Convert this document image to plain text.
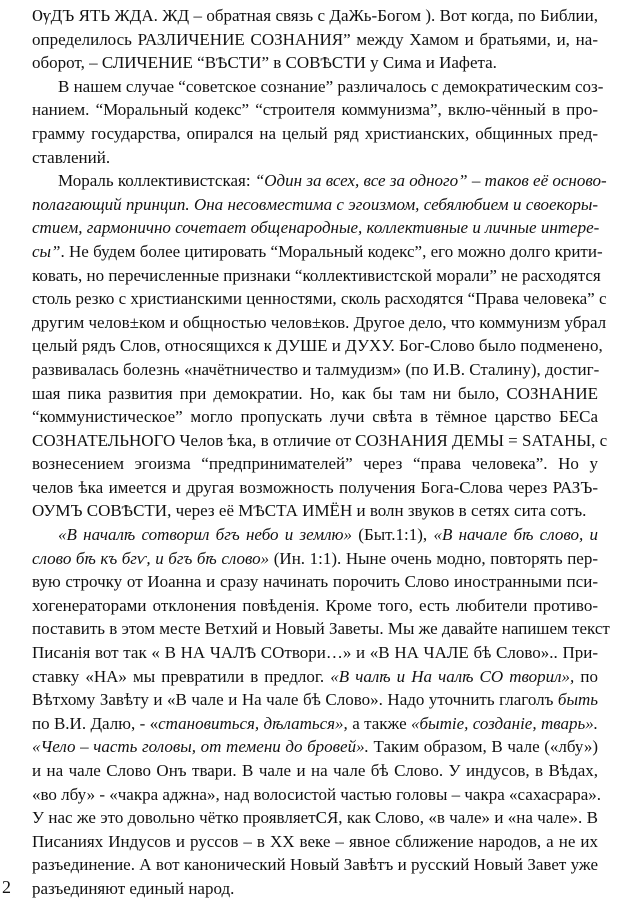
ѸДЪ ЯТЬ ЖДА. ЖД – обратная связь с ДаЖь-Богом ). Вот когда, по Библии,
определилось РАЗЛИЧЕНИЕ СОЗНАНИЯ” между Хамом и братьями, и, на-
оборот, – СЛИЧЕНИЕ “ВѢСТИ” в СОВѢСТИ у Сима и Иафета.
В нашем случае “советское сознание” различалось с демократическим соз-
нанием. “Моральный кодекс” “строителя коммунизма”, вклю-чённый в про-
грамму государства, опирался на целый ряд христианских, общинных пред-
ставлений.
Мораль коллективистская: “Один за всех, все за одного” – таков её осново-
полагающий принцип. Она несовместима с эгоизмом, себялюбием и своекоры-
стием, гармонично сочетает общенародные, коллективные и личные интере-
сы”. Не будем более цитировать “Моральный кодекс”, его можно долго крити-
ковать, но перечисленные признаки “коллективистской морали” не расходятся
столь резко с христианскими ценностями, сколь расходятся “Права человека” с
другим челов±ком и общностью челов±ков. Другое дело, что коммунизм убрал
целый рядъ Слов, относящихся к ДУШЕ и ДУХУ. Бог-Слово было подменено,
развивалась болезнь «начётничество и талмудизм» (по И.В. Сталину), достиг-
шая пика развития при демократии. Но, как бы там ни было, СОЗНАНИЕ
“коммунистическое” могло пропускать лучи свѣта в тёмное царство БЕСа
СОЗНАТЕЛЬНОГО Челов ѣка, в отличие от СОЗНАНИЯ ДЕМЫ = SАТАНЫ, с
вознесением эгоизма “предпринимателей” через “права человека”. Но у
челов ѣка имеется и другая возможность получения Бога-Слова через РАЗЪ-
ОУМЪ СОВѢСТИ, через её МѢСТА ИМЁН и волн звуков в сетях сита сотъ.
«В началѣ сотворил бгъ небо и землю» (Быт.1:1), «В начале бѣ слово, и
слово бѣ къ бгѵ, и бгъ бѣ слово» (Ин. 1:1). Ныне очень модно, повторять пер-
вую строчку от Иоанна и сразу начинать порочить Слово иностранными пси-
хогенераторами отклонения повѣденія. Кроме того, есть любители противо-
поставить в этом месте Ветхий и Новый Заветы. Мы же давайте напишем текст
Писанія вот так « В НА ЧАЛѢ СОтвори…» и «В НА ЧАЛЕ бѣ Слово».. При-
ставку «НА» мы превратили в предлог. «В чалѣ и На чалѣ СО творил», по
Вѣтхому Завѣту и «В чале и На чале бѣ Слово». Надо уточнить глаголъ быть
по В.И. Далю, - «становиться, дѣлаться», а также «бытіе, созданіе, тварь».
«Чело – часть головы, от темени до бровей». Таким образом, В чале («лбу»)
и на чале Слово Онъ твари. В чале и на чале бѣ Слово. У индусов, в Вѣдах,
«во лбу» - «чакра аджна», над волосистой частью головы – чакра «сахасрара».
У нас же это довольно чётко проявляетСЯ, как Слово, «в чале» и «на чале». В
Писаниях Индусов и руссов – в ХХ веке – явное сближение народов, а не их
разъединение. А вот канонический Новый Завѣтъ и русский Новый Завет уже
разъединяют единый народ.
2
